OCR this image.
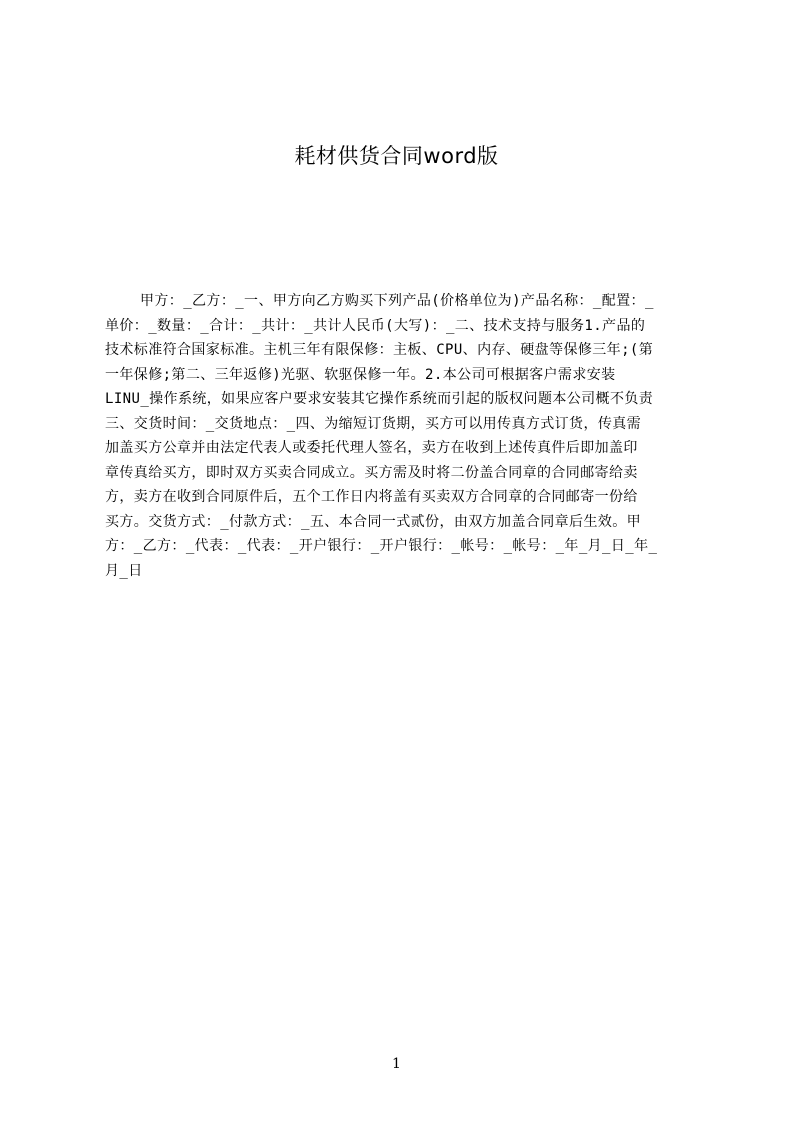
耗材供货合同word版
甲方：_乙方：_一、甲方向乙方购买下列产品(价格单位为)产品名称：_配置：_
单价：_数量：_合计：_共计：_共计人民币(大写)：_二、技术支持与服务1.产品的
技术标准符合国家标准。主机三年有限保修：主板、CPU、内存、硬盘等保修三年;(第
一年保修;第二、三年返修)光驱、软驱保修一年。2.本公司可根据客户需求安装
LINU_操作系统，如果应客户要求安装其它操作系统而引起的版权问题本公司概不负责
三、交货时间：_交货地点：_四、为缩短订货期，买方可以用传真方式订货，传真需
加盖买方公章并由法定代表人或委托代理人签名，卖方在收到上述传真件后即加盖印
章传真给买方，即时双方买卖合同成立。买方需及时将二份盖合同章的合同邮寄给卖
方，卖方在收到合同原件后，五个工作日内将盖有买卖双方合同章的合同邮寄一份给
买方。交货方式：_付款方式：_五、本合同一式贰份，由双方加盖合同章后生效。甲
方：_乙方：_代表：_代表：_开户银行：_开户银行：_帐号：_帐号：_年_月_日_年_
月_日
1
